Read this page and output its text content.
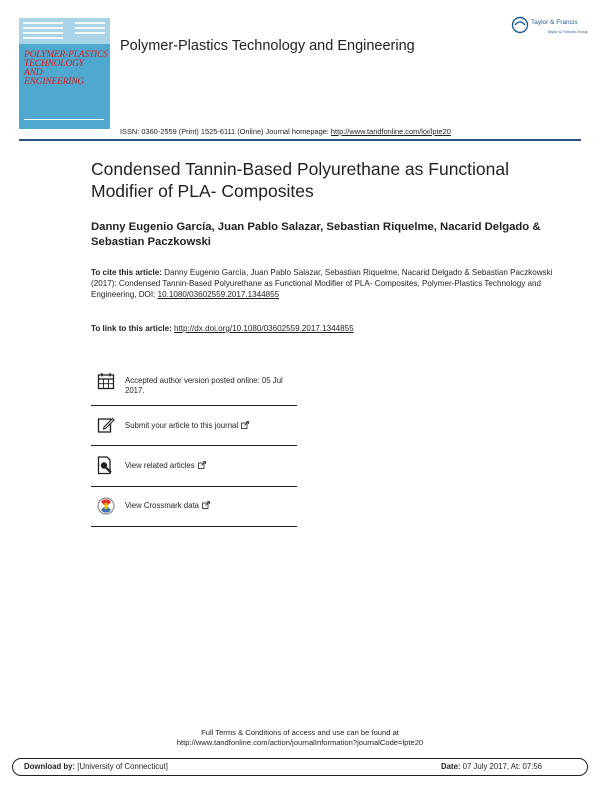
POLYMER-PLASTICS
TECHNOLOGY
AND
ENGINEERING
Polymer-Plastics Technology and Engineering
Taylor & Francis
Taylor & Francis Group
ISSN: 0360-2559 (Print) 1525-6111 (Online) Journal homepage: http://www.tandfonline.com/loi/lpte20
Condensed Tannin-Based Polyurethane as Functional Modifier of PLA- Composites
Danny Eugenio García, Juan Pablo Salazar, Sebastian Riquelme, Nacarid Delgado & Sebastian Paczkowski
To cite this article: Danny Eugenio García, Juan Pablo Salazar, Sebastian Riquelme, Nacarid Delgado & Sebastian Paczkowski (2017): Condensed Tannin-Based Polyurethane as Functional Modifier of PLA- Composites, Polymer-Plastics Technology and Engineering, DOI: 10.1080/03602559.2017.1344855
To link to this article: http://dx.doi.org/10.1080/03602559.2017.1344855
Accepted author version posted online: 05 Jul 2017.
Submit your article to this journal
View related articles
View Crossmark data
Full Terms & Conditions of access and use can be found at
http://www.tandfonline.com/action/journalInformation?journalCode=lpte20
Download by: [University of Connecticut]	Date: 07 July 2017, At: 07:56
